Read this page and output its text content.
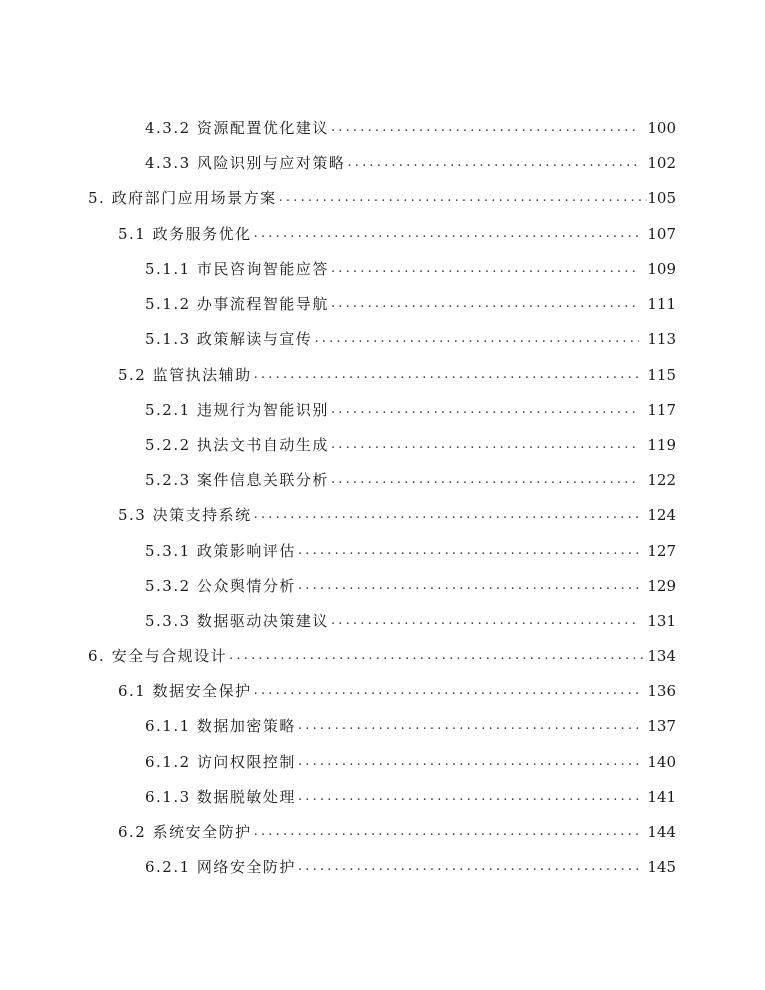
4.3.2 资源配置优化建议 .....	100
4.3.3 风险识别与应对策略 .....	102
5. 政府部门应用场景方案 .....	105
5.1 政务服务优化 .....	107
5.1.1 市民咨询智能应答 .....	109
5.1.2 办事流程智能导航 .....	111
5.1.3 政策解读与宣传 .....	113
5.2 监管执法辅助 .....	115
5.2.1 违规行为智能识别 .....	117
5.2.2 执法文书自动生成 .....	119
5.2.3 案件信息关联分析 .....	122
5.3 决策支持系统 .....	124
5.3.1 政策影响评估 .....	127
5.3.2 公众舆情分析 .....	129
5.3.3 数据驱动决策建议 .....	131
6. 安全与合规设计 .....	134
6.1 数据安全保护 .....	136
6.1.1 数据加密策略 .....	137
6.1.2 访问权限控制 .....	140
6.1.3 数据脱敏处理 .....	141
6.2 系统安全防护 .....	144
6.2.1 网络安全防护 .....	145
